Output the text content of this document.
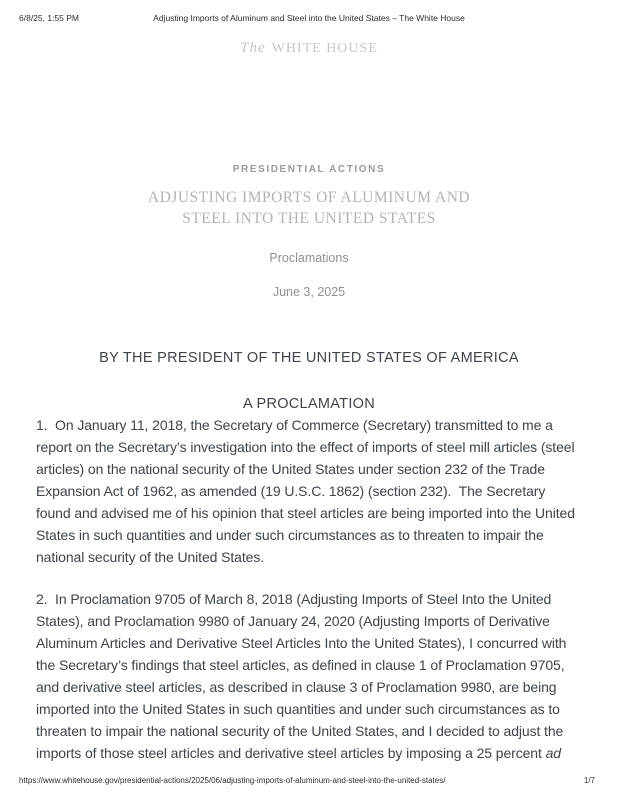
6/8/25, 1:55 PM	Adjusting Imports of Aluminum and Steel into the United States – The White House
The WHITE HOUSE
PRESIDENTIAL ACTIONS
ADJUSTING IMPORTS OF ALUMINUM AND
STEEL INTO THE UNITED STATES
Proclamations
June 3, 2025
BY THE PRESIDENT OF THE UNITED STATES OF AMERICA
A PROCLAMATION

1.  On January 11, 2018, the Secretary of Commerce (Secretary) transmitted to me a report on the Secretary’s investigation into the effect of imports of steel mill articles (steel articles) on the national security of the United States under section 232 of the Trade Expansion Act of 1962, as amended (19 U.S.C. 1862) (section 232).  The Secretary found and advised me of his opinion that steel articles are being imported into the United States in such quantities and under such circumstances as to threaten to impair the national security of the United States.

2.  In Proclamation 9705 of March 8, 2018 (Adjusting Imports of Steel Into the United States), and Proclamation 9980 of January 24, 2020 (Adjusting Imports of Derivative Aluminum Articles and Derivative Steel Articles Into the United States), I concurred with the Secretary’s findings that steel articles, as defined in clause 1 of Proclamation 9705, and derivative steel articles, as described in clause 3 of Proclamation 9980, are being imported into the United States in such quantities and under such circumstances as to threaten to impair the national security of the United States, and I decided to adjust the imports of those steel articles and derivative steel articles by imposing a 25 percent ad

https://www.whitehouse.gov/presidential-actions/2025/06/adjusting-imports-of-aluminum-and-steel-into-the-united-states/	1/7
